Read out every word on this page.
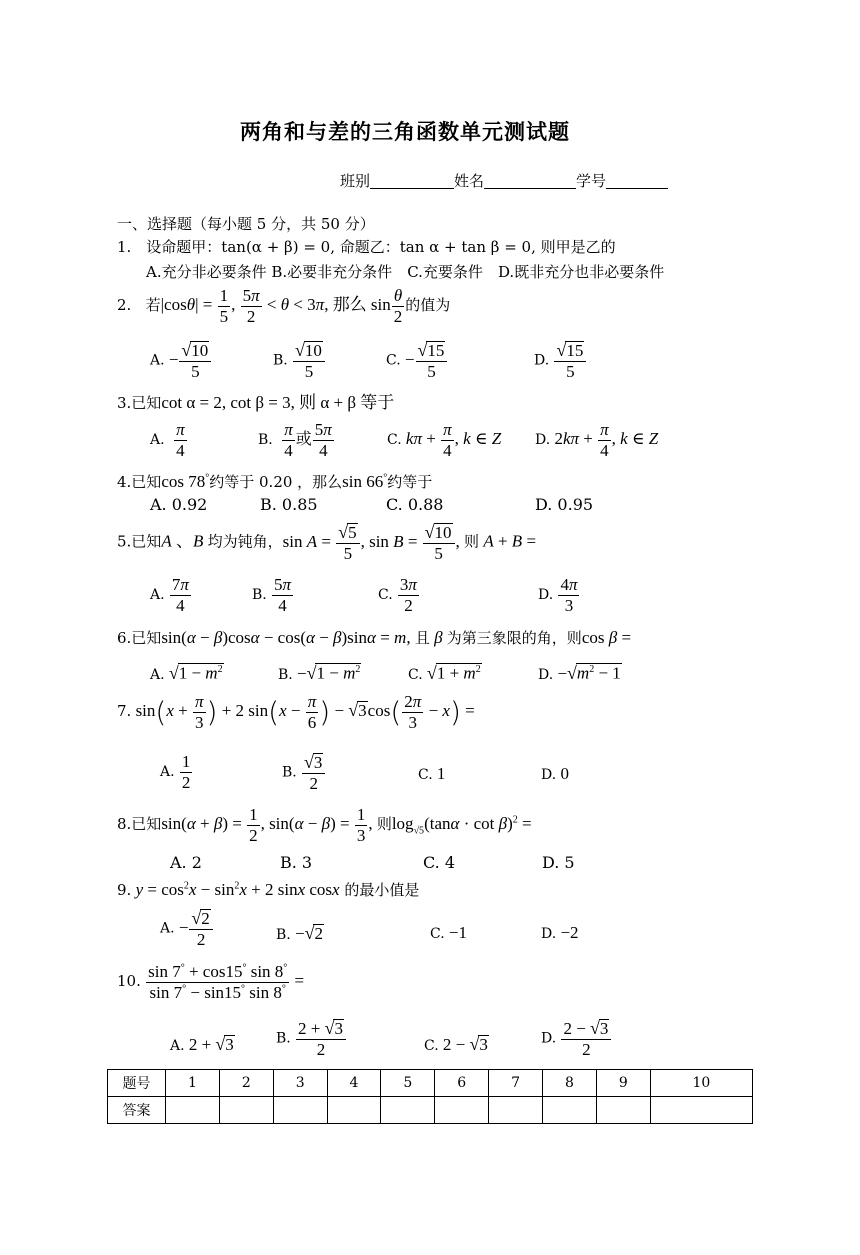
两角和与差的三角函数单元测试题
班别	姓名	学号
一、选择题（每小题 5 分，共 50 分）
1.　设命题甲：tan(α + β) = 0, 命题乙：tan α + tan β = 0, 则甲是乙的
A.充分非必要条件 B.必要非充分条件　 C.充要条件　 D.既非充分也非必要条件
2. 若$|\cos\theta| = \frac{1}{5}$ , $\frac{5\pi}{2} < \theta < 3\pi$, 那么 $\sin \frac{\theta}{2}$ 的值为
A. − $\frac{√10}{5}$	B. $\frac{√10}{5}$	C. − $\frac{√15}{5}$	D. $\frac{√15}{5}$
3.已知cot α = 2, cot β = 3, 则 α + β 等于
A. $\frac{\pi}{4}$	B. $\frac{\pi}{4}$ 或 $\frac{5\pi}{4}$	C. $k\pi + \frac{\pi}{4}$ , k ∈ Z D. $2k\pi + \frac{\pi}{4}$ , k ∈ Z
4.已知cos 78°约等于 0.20 ，那么sin 66°约等于
A. 0.92	B. 0.85	C. 0.88	D. 0.95
5.已知A 、B 均为钝角，$\sin A = \frac{√5}{5}$ , $\sin B = \frac{√10}{5}$ , 则 A + B =
A. $\frac{7\pi}{4}$	B. $\frac{5\pi}{4}$	C. $\frac{3\pi}{2}$	D. $\frac{4\pi}{3}$
6.已知sin(α − β)cosα − cos(α − β)sinα = m, 且 β 为第三象限的角，则cos β =
A. $√1 - m^2$	B. $-√1 - m^2$	C. $√1 + m^2$	D. $-√m^2 - 1$
7. $\sin(x + \frac{\pi}{3}$ ) + 2 $\sin(x - \frac{\pi}{6}$ ) − $√3\cos( \frac{2\pi}{3} - x)$ =
A. $\frac{1}{2}$	B. $\frac{√3}{2}$	C. 1	D. 0
8.已知$\sin(\alpha + \beta) = \frac{1}{2}$ , $\sin(\alpha - \beta) = \frac{1}{3}$ , 则$\log_{√5}(\tan\alpha \cdot \cot \beta)^2$ =
A. 2	B. 3	C. 4	D. 5
9. $y = \cos^2x - \sin^2x + 2$ sinx cosx 的最小值是
A. − $\frac{√2}{2}$	B. −√2	C. −1	D. −2
10. $\frac{\sin 7^\circ + \cos 15^\circ \sin 8^\circ}{\sin 7^\circ - \sin 15^\circ \sin 8^\circ}$ =
A. 2 + √3	B. $\frac{2 + √3}{2}$	C. 2 − √3	D. $\frac{2 - √3}{2}$
题号	1	2	3	4	5	6	7	8	9	10
答案										
